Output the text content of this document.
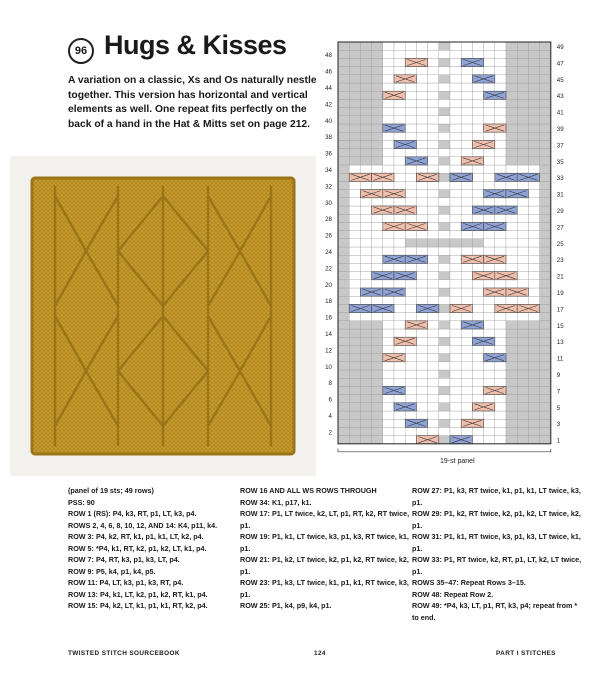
96 Hugs & Kisses
A variation on a classic, Xs and Os naturally nestle together. This version has horizontal and vertical elements as well. One repeat fits perfectly on the back of a hand in the Hat & Mitts set on page 212.
48
46
44
42
40
38
36
34
32
30
28
26
24
22
20
18
16
14
12
10
8
6
4
2
49
47
45
43
41
39
37
35
33
31
29
27
25
23
21
19
17
15
13
11
9
7
5
3
1
19-st panel
(panel of 19 sts; 49 rows)
PSS: 90
ROW 1 (RS): P4, k3, RT, p1, LT, k3, p4.
ROWS 2, 4, 6, 8, 10, 12, AND 14: K4, p11, k4.
ROW 3: P4, k2, RT, k1, p1, k1, LT, k2, p4.
ROW 5: *P4, k1, RT, k2, p1, k2, LT, k1, p4.
ROW 7: P4, RT, k3, p1, k3, LT, p4.
ROW 9: P5, k4, p1, k4, p5.
ROW 11: P4, LT, k3, p1, k3, RT, p4.
ROW 13: P4, k1, LT, k2, p1, k2, RT, k1, p4.
ROW 15: P4, k2, LT, k1, p1, k1, RT, k2, p4.
ROW 16 AND ALL WS ROWS THROUGH
ROW 34: K1, p17, k1.
ROW 17: P1, LT twice, k2, LT, p1, RT, k2, RT twice, p1.
ROW 19: P1, k1, LT twice, k3, p1, k3, RT twice, k1, p1.
ROW 21: P1, k2, LT twice, k2, p1, k2, RT twice, k2, p1.
ROW 23: P1, k3, LT twice, k1, p1, k1, RT twice, k3, p1.
ROW 25: P1, k4, p9, k4, p1.
ROW 27: P1, k3, RT twice, k1, p1, k1, LT twice, k3, p1.
ROW 29: P1, k2, RT twice, k2, p1, k2, LT twice, k2, p1.
ROW 31: P1, k1, RT twice, k3, p1, k3, LT twice, k1, p1.
ROW 33: P1, RT twice, k2, RT, p1, LT, k2, LT twice, p1.
ROWS 35–47: Repeat Rows 3–15.
ROW 48: Repeat Row 2.
ROW 49: *P4, k3, LT, p1, RT, k3, p4; repeat from * to end.
TWISTED STITCH SOURCEBOOK	124	PART I STITCHES
